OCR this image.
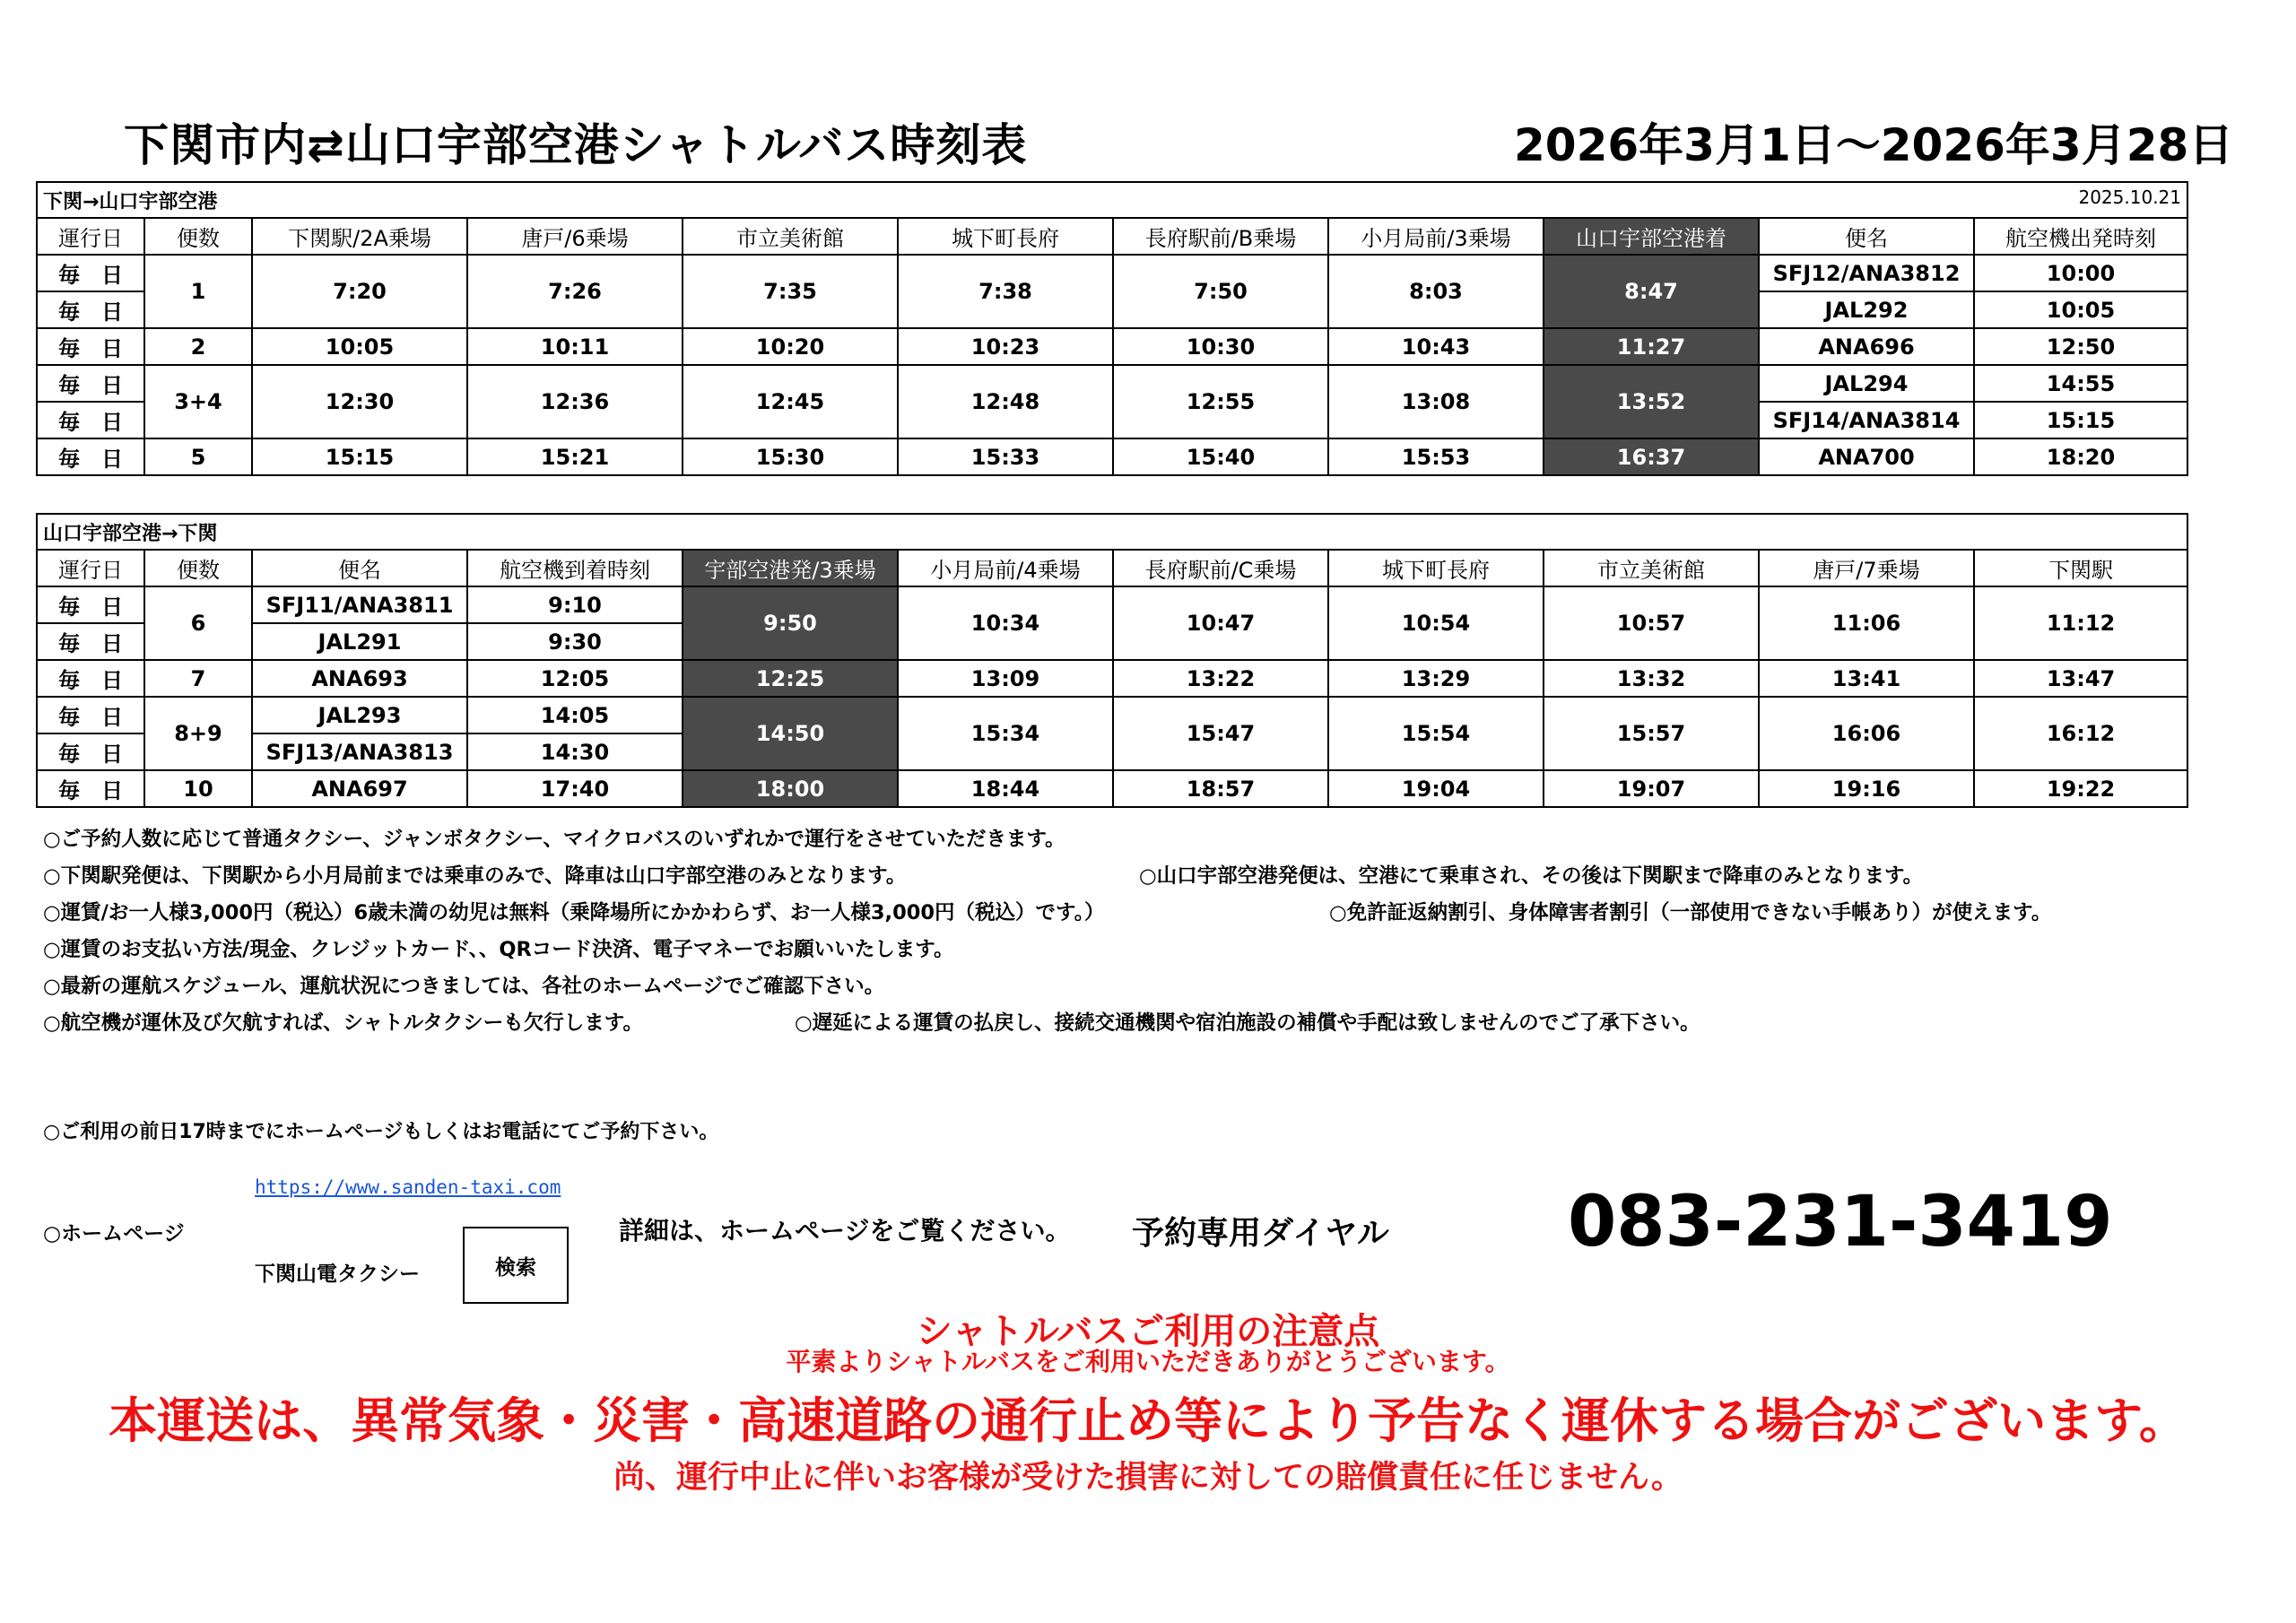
下関市内⇄山口宇部空港シャトルバス時刻表	2026年3月1日～2026年3月28日
下関→山口宇部空港 2025.10.21										

運行日	便数	下関駅/2A乗場	唐戸/6乗場	市立美術館	城下町長府	長府駅前/B乗場	小月局前/3乗場	山口宇部空港着	便名	航空機出発時刻
毎　日	1	7:20	7:26	7:35	7:38	7:50	8:03	8:47	SFJ12/ANA3812	10:00
毎　日									JAL292	10:05
毎　日	2	10:05	10:11	10:20	10:23	10:30	10:43	11:27	ANA696	12:50
毎　日	3+4	12:30	12:36	12:45	12:48	12:55	13:08	13:52	JAL294	14:55
毎　日									SFJ14/ANA3814	15:15
毎　日	5	15:15	15:21	15:30	15:33	15:40	15:53	16:37	ANA700	18:20
山口宇部空港→下関										
運行日	便数	便名	航空機到着時刻	宇部空港発/3乗場	小月局前/4乗場	長府駅前/C乗場	城下町長府	市立美術館	唐戸/7乗場	下関駅
毎　日	6	SFJ11/ANA3811	9:10	9:50	10:34	10:47	10:54	10:57	11:06	11:12
毎　日		JAL291	9:30							
毎　日	7	ANA693	12:05	12:25	13:09	13:22	13:29	13:32	13:41	13:47
毎　日	8+9	JAL293	14:05	14:50	15:34	15:47	15:54	15:57	16:06	16:12
毎　日		SFJ13/ANA3813	14:30							
毎　日	10	ANA697	17:40	18:00	18:44	18:57	19:04	19:07	19:16	19:22
○ご予約人数に応じて普通タクシー、ジャンボタクシー、マイクロバスのいずれかで運行をさせていただきます。
○下関駅発便は、下関駅から小月局前までは乗車のみで、降車は山口宇部空港のみとなります。	○山口宇部空港発便は、空港にて乗車され、その後は下関駅まで降車のみとなります。
○運賃/お一人様3,000円（税込）6歳未満の幼児は無料（乗降場所にかかわらず、お一人様3,000円（税込）です。）	○免許証返納割引、身体障害者割引（一部使用できない手帳あり）が使えます。
○運賃のお支払い方法/現金、クレジットカード、、QRコード決済、電子マネーでお願いいたします。
○最新の運航スケジュール、運航状況につきましては、各社のホームページでご確認下さい。
○航空機が運休及び欠航すれば、シャトルタクシーも欠行します。	○遅延による運賃の払戻し、接続交通機関や宿泊施設の補償や手配は致しませんのでご了承下さい。
○ご利用の前日17時までにホームページもしくはお電話にてご予約下さい。
https://www.sanden-taxi.com
○ホームページ
下関山電タクシー	検索
詳細は、ホームページをご覧ください。 予約専用ダイヤル	083-231-3419
シャトルバスご利用の注意点
平素よりシャトルバスをご利用いただきありがとうございます。
本運送は、異常気象・災害・高速道路の通行止め等により予告なく運休する場合がございます。
尚、運行中止に伴いお客様が受けた損害に対しての賠償責任に任じません。
